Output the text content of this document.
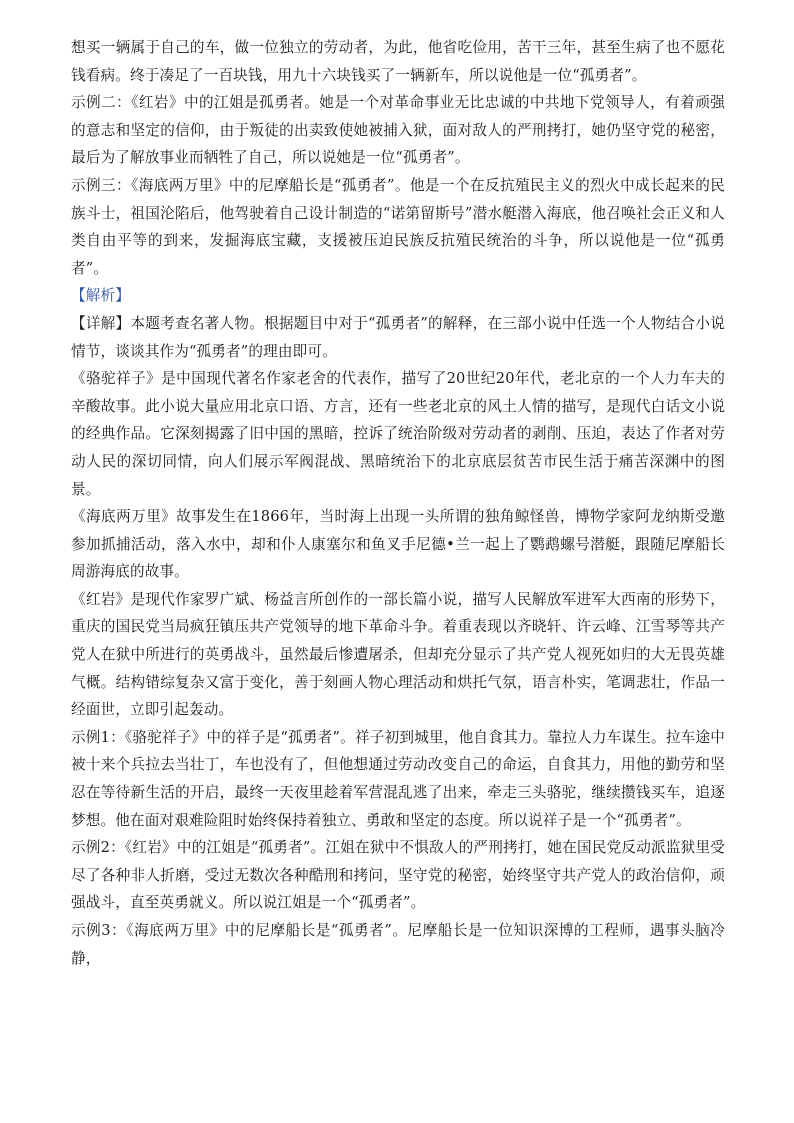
想买一辆属于自己的车，做一位独立的劳动者，为此，他省吃俭用，苦干三年，甚至生病了也不愿花钱看病。终于凑足了一百块钱，用九十六块钱买了一辆新车，所以说他是一位“孤勇者”。

示例二：《红岩》中的江姐是孤勇者。她是一个对革命事业无比忠诚的中共地下党领导人，有着顽强的意志和坚定的信仰，由于叛徒的出卖致使她被捕入狱，面对敌人的严刑拷打，她仍坚守党的秘密，最后为了解放事业而牺牲了自己，所以说她是一位“孤勇者”。

示例三：《海底两万里》中的尼摩船长是“孤勇者”。他是一个在反抗殖民主义的烈火中成长起来的民族斗士，祖国沦陷后，他驾驶着自己设计制造的“诺第留斯号”潜水艇潜入海底，他召唤社会正义和人类自由平等的到来，发掘海底宝藏，支援被压迫民族反抗殖民统治的斗争，所以说他是一位“孤勇者”。

【解析】

【详解】本题考查名著人物。根据题目中对于“孤勇者”的解释，在三部小说中任选一个人物结合小说情节，谈谈其作为“孤勇者”的理由即可。

《骆驼祥子》是中国现代著名作家老舍的代表作，描写了20世纪20年代，老北京的一个人力车夫的辛酸故事。此小说大量应用北京口语、方言，还有一些老北京的风土人情的描写，是现代白话文小说的经典作品。它深刻揭露了旧中国的黑暗，控诉了统治阶级对劳动者的剥削、压迫，表达了作者对劳动人民的深切同情，向人们展示军阀混战、黑暗统治下的北京底层贫苦市民生活于痛苦深渊中的图景。

《海底两万里》故事发生在1866年，当时海上出现一头所谓的独角鲸怪兽，博物学家阿龙纳斯受邀参加抓捕活动，落入水中，却和仆人康塞尔和鱼叉手尼德•兰一起上了鹦鹉螺号潜艇，跟随尼摩船长周游海底的故事。

《红岩》是现代作家罗广斌、杨益言所创作的一部长篇小说，描写人民解放军进军大西南的形势下，重庆的国民党当局疯狂镇压共产党领导的地下革命斗争。着重表现以齐晓轩、许云峰、江雪琴等共产党人在狱中所进行的英勇战斗，虽然最后惨遭屠杀，但却充分显示了共产党人视死如归的大无畏英雄气概。结构错综复杂又富于变化，善于刻画人物心理活动和烘托气氛，语言朴实，笔调悲壮，作品一经面世，立即引起轰动。

示例1：《骆驼祥子》中的祥子是“孤勇者”。祥子初到城里，他自食其力。靠拉人力车谋生。拉车途中被十来个兵拉去当壮丁，车也没有了，但他想通过劳动改变自己的命运，自食其力，用他的勤劳和坚忍在等待新生活的开启，最终一天夜里趁着军营混乱逃了出来，牵走三头骆驼，继续攒钱买车，追逐梦想。他在面对艰难险阻时始终保持着独立、勇敢和坚定的态度。所以说祥子是一个“孤勇者”。

示例2：《红岩》中的江姐是“孤勇者”。江姐在狱中不惧敌人的严刑拷打，她在国民党反动派监狱里受尽了各种非人折磨，受过无数次各种酷刑和拷问，坚守党的秘密，始终坚守共产党人的政治信仰，顽强战斗，直至英勇就义。所以说江姐是一个“孤勇者”。

示例3：《海底两万里》中的尼摩船长是“孤勇者”。尼摩船长是一位知识深博的工程师，遇事头脑冷静，
